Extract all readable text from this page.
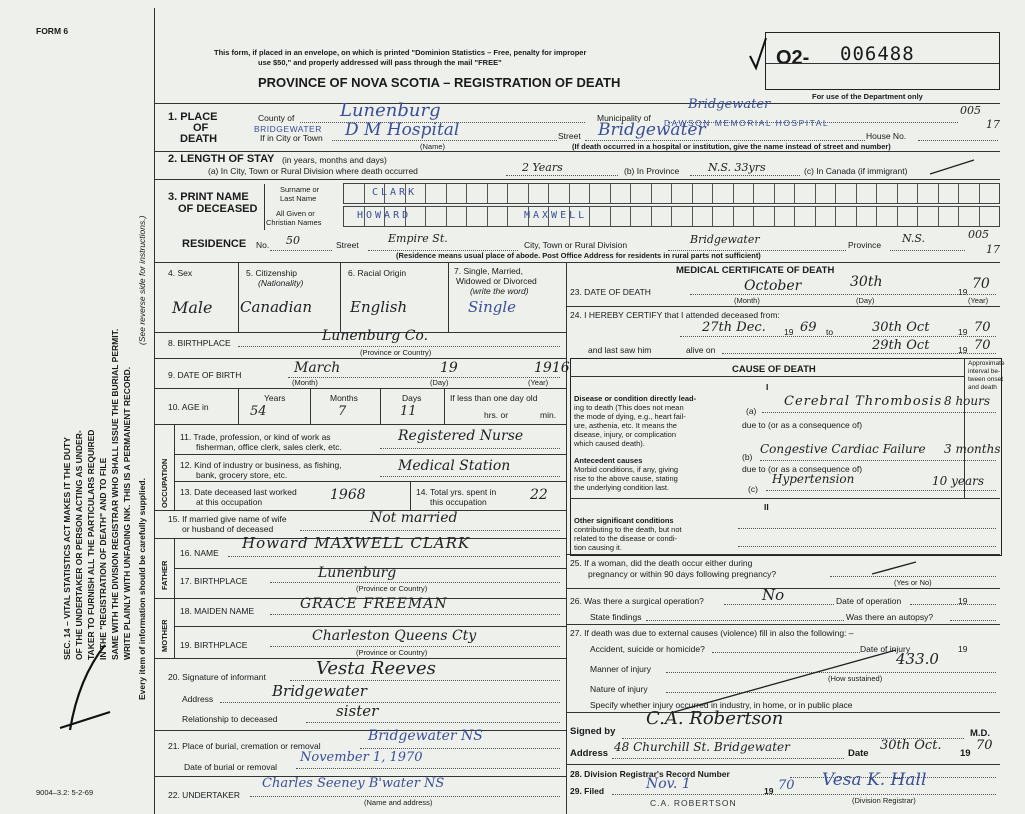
FORM 6
SEC. 14 – VITAL STATISTICS ACT MAKES IT THE DUTY OF THE UNDERTAKER OR PERSON ACTING AS UNDER- TAKER TO FURNISH ALL THE PARTICULARS REQUIRED IN THE "REGISTRATION OF DEATH" AND TO FILE SAME WITH THE DIVISION REGISTRAR WHO SHALL ISSUE THE BURIAL PERMIT. WRITE PLAINLY WITH UNFADING INK. THIS IS A PERMANENT RECORD.
(See reverse side for instructions.)
Every item of information should be carefully supplied.
9004–3.2: 5-2-69
This form, if placed in an envelope, on which is printed "Dominion Statistics – Free, penalty for improper
use $50," and properly addressed will pass through the mail "FREE"
PROVINCE OF NOVA SCOTIA – REGISTRATION OF DEATH
O2- 006488
For use of the Department only
1. PLACE
OF
DEATH
County of	Lunenburg	Municipality of
Bridgewater	005
BRIDGEWATER
If in City or Town D M Hospital	DAWSON MEMORIAL HOSPITAL	17
Street Bridgewater	House No.
(Name)	(If death occurred in a hospital or institution, give the name instead of street and number)
2. LENGTH OF STAY (in years, months and days)
(a) In City, Town or Rural Division where death occurred	2 Years	(b) In Province	N.S. 33yrs	(c) In Canada (if immigrant)
3. PRINT NAME
OF DECEASED
Surname or
Last Name
CLARK
All Given or
Christian Names
HOWARD	MAXWELL
RESIDENCE No. 50	Street	Empire St.	City, Town or Rural Division	Bridgewater	Province N.S.	005
17
(Residence means usual place of abode. Post Office Address for residents in rural parts not sufficient)
4. Sex	5. Citizenship
(Nationality)
6. Racial Origin	7. Single, Married,
Widowed or Divorced
(write the word)
Male Canadian	English	Single
8. BIRTHPLACE	Lunenburg Co.
(Province or Country)
9. DATE OF BIRTH	March	19	1916
(Month)	(Day)	(Year)
10. AGE in
Years	Months	Days	If less than one day old
54	7	11	hrs. or	min.
OCCUPATION
11. Trade, profession, or kind of work as
fisherman, office clerk, sales clerk, etc.
Registered Nurse
12. Kind of industry or business, as fishing,
bank, grocery store, etc.
Medical Station
13. Date deceased last worked
at this occupation	1968	14. Total yrs. spent in
this occupation	22
15. If married give name of wife
or husband of deceased
Not married
FATHER
16. NAME
Howard MAXWELL CLARK
17. BIRTHPLACE	Lunenburg
(Province or Country)
MOTHER
18. MAIDEN NAME	GRACE FREEMAN
19. BIRTHPLACE
Charleston Queens Cty
(Province or Country)
20. Signature of informant	Vesta Reeves
Address	Bridgewater
Relationship to deceased	sister
21. Place of burial, cremation or removal
Bridgewater NS
Date of burial or removal
November 1, 1970
22. UNDERTAKER
Charles Seeney B'water NS
(Name and address)
MEDICAL CERTIFICATE OF DEATH
23. DATE OF DEATH	October	30th
19 70
(Month)	(Day)	(Year)
24. I HEREBY CERTIFY that I attended deceased from:
27th Dec. 19 69 to	30th Oct	19 70
and last saw him	alive on	29th Oct	19 70
CAUSE OF DEATH
Approximate
interval be-
tween onset
and death
I
Disease or condition directly lead-
ing to death (This does not mean
the mode of dying, e.g., heart fail-
ure, asthenia, etc. It means the
disease, injury, or complication
which caused death).
(a)
Cerebral Thrombosis 8 hours
due to (or as a consequence of)
Antecedent causes
Morbid conditions, if any, giving
rise to the above cause, stating
the underlying condition last.
(b)
Congestive Cardiac Failure 3 months
due to (or as a consequence of)
(c)
Hypertension	10 years
II
Other significant conditions
contributing to the death, but not
related to the disease or condi-
tion causing it.
25. If a woman, did the death occur either during
pregnancy or within 90 days following pregnancy?
(Yes or No)
26. Was there a surgical operation?	No	Date of operation	19
State findings	Was there an autopsy?
27. If death was due to external causes (violence) fill in also the following: –
Accident, suicide or homicide?	Date of injury	19
433.0
Manner of injury
(How sustained)
Nature of injury
Specify whether injury occurred in industry, in home, or in public place
Signed by
C.A. Robertson
M.D.
Address 48 Churchill St. Bridgewater	Date
30th Oct.
19
70
28. Division Registrar's Record Number
29. Filed	Nov. 1	19 70 Vesa K. Hall
(Division Registrar)
C.A. ROBERTSON
